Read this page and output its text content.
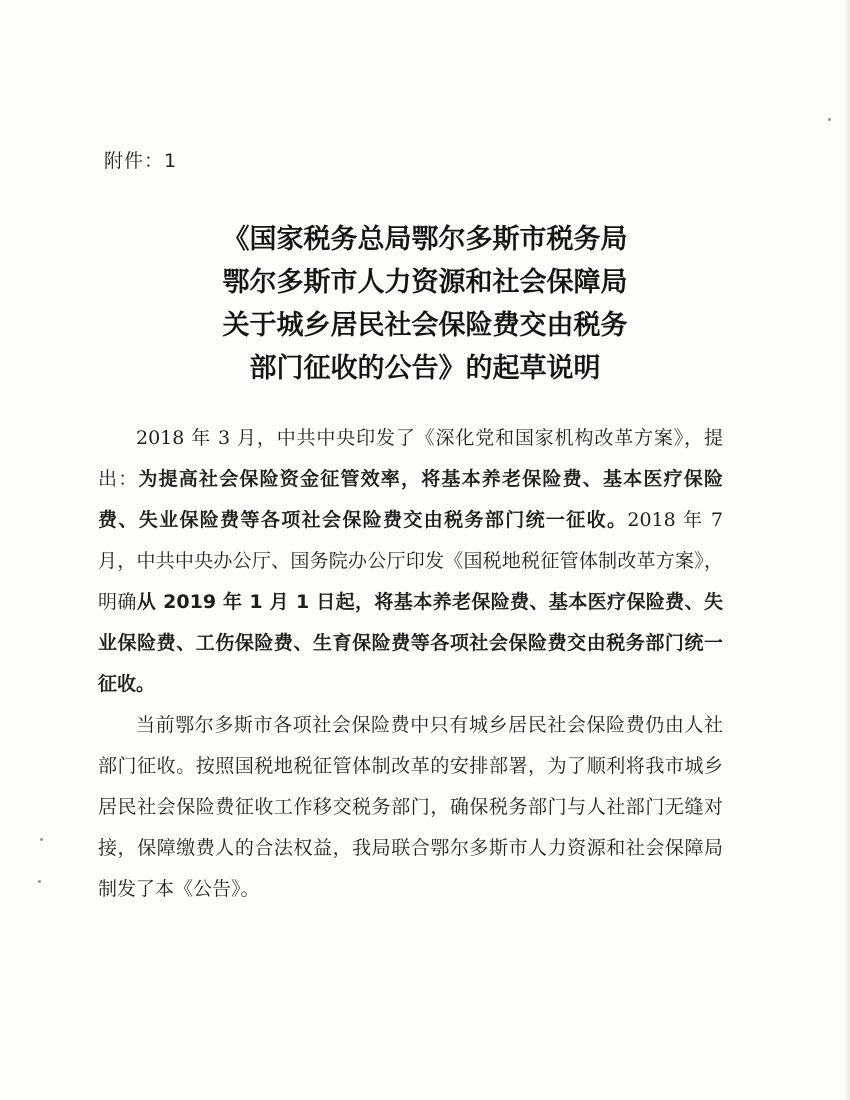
附件：1
《国家税务总局鄂尔多斯市税务局
鄂尔多斯市人力资源和社会保障局
关于城乡居民社会保险费交由税务
部门征收的公告》的起草说明

2018 年 3 月，中共中央印发了《深化党和国家机构改革方案》，提出：为提高社会保险资金征管效率，将基本养老保险费、基本医疗保险费、失业保险费等各项社会保险费交由税务部门统一征收。2018 年 7 月，中共中央办公厅、国务院办公厅印发《国税地税征管体制改革方案》，明确从 2019 年 1 月 1 日起，将基本养老保险费、基本医疗保险费、失业保险费、工伤保险费、生育保险费等各项社会保险费交由税务部门统一征收。

当前鄂尔多斯市各项社会保险费中只有城乡居民社会保险费仍由人社部门征收。按照国税地税征管体制改革的安排部署，为了顺利将我市城乡居民社会保险费征收工作移交税务部门，确保税务部门与人社部门无缝对接，保障缴费人的合法权益，我局联合鄂尔多斯市人力资源和社会保障局制发了本《公告》。
